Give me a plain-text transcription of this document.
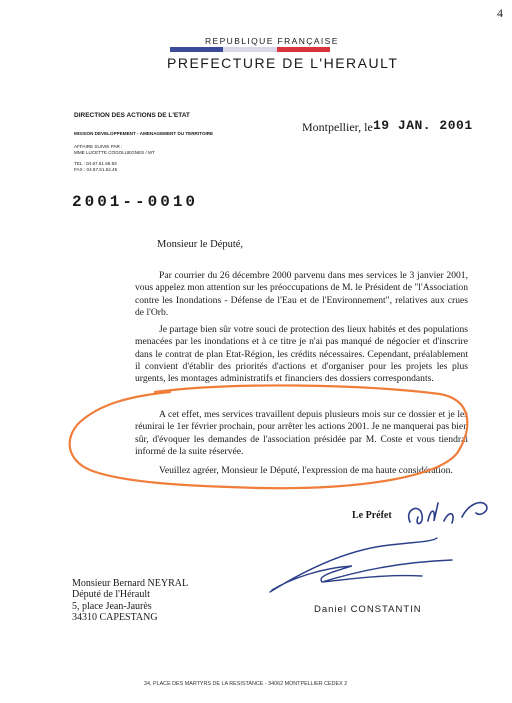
4
REPUBLIQUE FRANÇAISE
PREFECTURE DE L'HERAULT
DIRECTION DES ACTIONS DE L'ETAT
MISSION DEVELOPPEMENT - AMENAGEMENT DU TERRITOIRE
AFFAIRE SUIVIE PAR :
MME LUCETTE COGOLUEGNES / MT
TEL : 04.67.61.66.93
FAX : 04.67.61.62.45
Montpellier, le 19 JAN. 2001
2001--0010
Monsieur le Député,
Par courrier du 26 décembre 2000 parvenu dans mes services le 3 janvier 2001, vous appelez mon attention sur les préoccupations de M. le Président de "l'Association contre les Inondations - Défense de l'Eau et de l'Environnement", relatives aux crues de l'Orb.
Je partage bien sûr votre souci de protection des lieux habités et des populations menacées par les inondations et à ce titre je n'ai pas manqué de négocier et d'inscrire dans le contrat de plan Etat-Région, les crédits nécessaires. Cependant, préalablement il convient d'établir des priorités d'actions et d'organiser pour les projets les plus urgents, les montages administratifs et financiers des dossiers correspondants.
A cet effet, mes services travaillent depuis plusieurs mois sur ce dossier et je les réunirai le 1er février prochain, pour arrêter les actions 2001. Je ne manquerai pas bien sûr, d'évoquer les demandes de l'association présidée par M. Coste et vous tiendrai informé de la suite réservée.
Veuillez agréer, Monsieur le Député, l'expression de ma haute considération.
Le Préfet
Daniel CONSTANTIN
Monsieur Bernard NEYRAL
Député de l'Hérault
5, place Jean-Jaurès
34310 CAPESTANG
34, PLACE DES MARTYRS DE LA RESISTANCE - 34062 MONTPELLIER CEDEX 2
